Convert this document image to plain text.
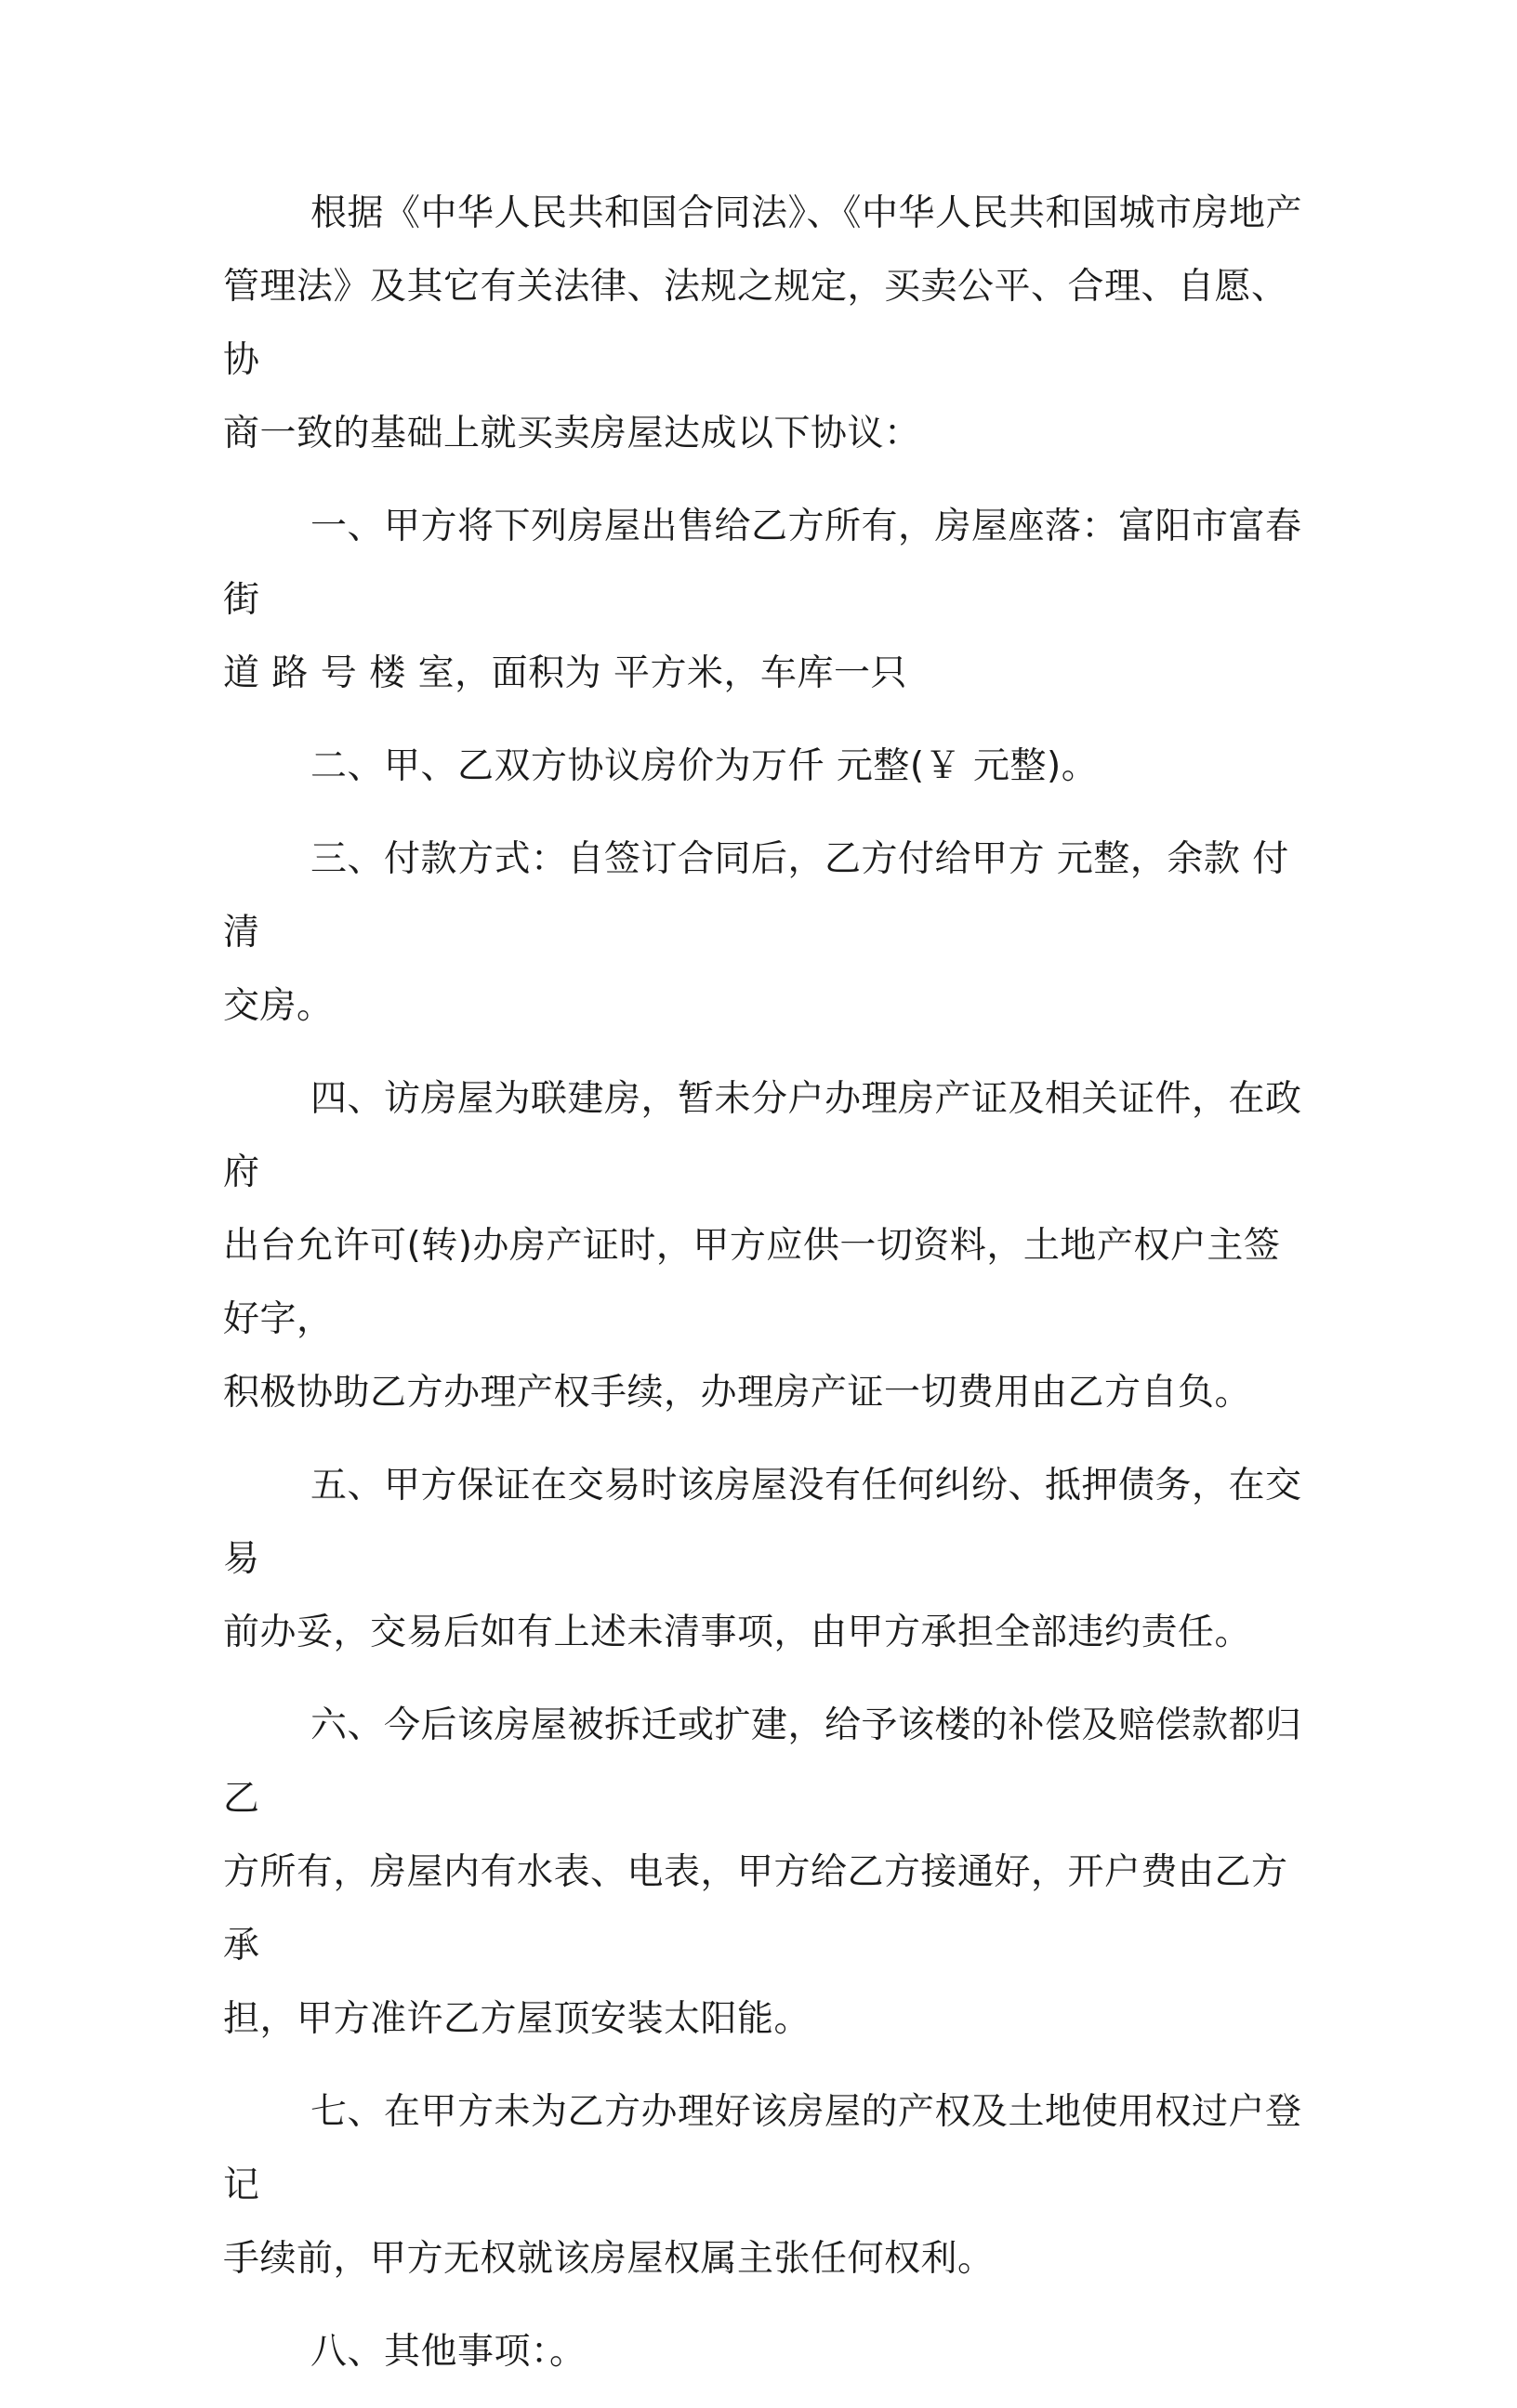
根据《中华人民共和国合同法》、《中华人民共和国城市房地产
管理法》及其它有关法律、法规之规定，买卖公平、合理、自愿、协
商一致的基础上就买卖房屋达成以下协议：

一、甲方将下列房屋出售给乙方所有，房屋座落：富阳市富春街
道 路 号 楼 室，面积为 平方米，车库一只

二、甲、乙双方协议房价为万仟 元整(￥ 元整)。

三、付款方式：自签订合同后，乙方付给甲方 元整，余款 付清
交房。

四、访房屋为联建房，暂未分户办理房产证及相关证件，在政府
出台允许可(转)办房产证时，甲方应供一切资料，土地产权户主签好字，
积极协助乙方办理产权手续，办理房产证一切费用由乙方自负。

五、甲方保证在交易时该房屋没有任何纠纷、抵押债务，在交易
前办妥，交易后如有上述未清事项，由甲方承担全部违约责任。

六、今后该房屋被拆迁或扩建，给予该楼的补偿及赔偿款都归乙
方所有，房屋内有水表、电表，甲方给乙方接通好，开户费由乙方承
担，甲方准许乙方屋顶安装太阳能。

七、在甲方未为乙方办理好该房屋的产权及土地使用权过户登记
手续前，甲方无权就该房屋权属主张任何权利。

八、其他事项：。
